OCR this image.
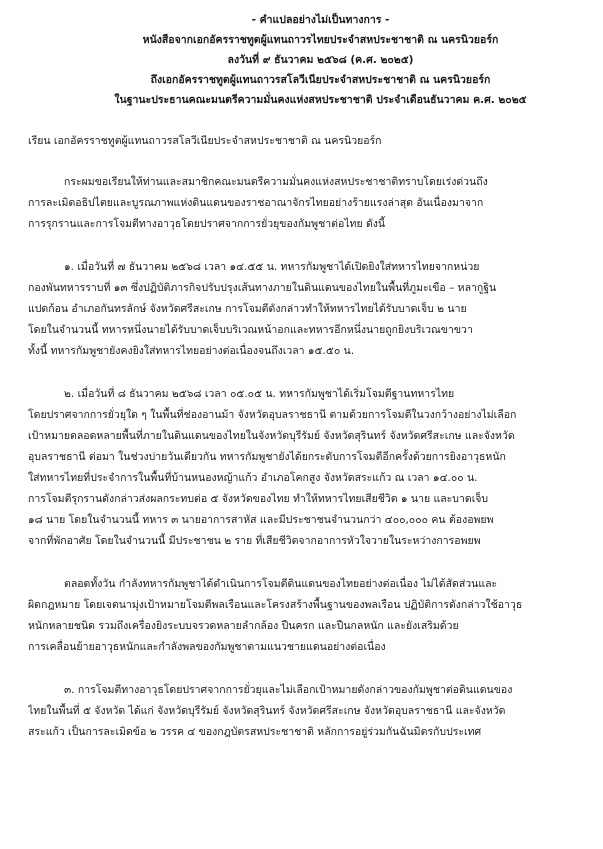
- คำแปลอย่างไม่เป็นทางการ -
หนังสือจากเอกอัครราชทูตผู้แทนถาวรไทยประจำสหประชาชาติ ณ นครนิวยอร์ก
ลงวันที่ ๙ ธันวาคม ๒๕๖๘ (ค.ศ. ๒๐๒๕)
ถึงเอกอัครราชทูตผู้แทนถาวรสโลวีเนียประจำสหประชาชาติ ณ นครนิวยอร์ก
ในฐานะประธานคณะมนตรีความมั่นคงแห่งสหประชาชาติ ประจำเดือนธันวาคม ค.ศ. ๒๐๒๕
เรียน เอกอัครราชทูตผู้แทนถาวรสโลวีเนียประจำสหประชาชาติ ณ นครนิวยอร์ก
กระผมขอเรียนให้ท่านและสมาชิกคณะมนตรีความมั่นคงแห่งสหประชาชาติทราบโดยเร่งด่วนถึง
การละเมิดอธิปไตยและบูรณภาพแห่งดินแดนของราชอาณาจักรไทยอย่างร้ายแรงล่าสุด อันเนื่องมาจาก
การรุกรานและการโจมตีทางอาวุธโดยปราศจากการยั่วยุของกัมพูชาต่อไทย ดังนี้
๑. เมื่อวันที่ ๗ ธันวาคม ๒๕๖๘ เวลา ๑๔.๕๕ น. ทหารกัมพูชาได้เปิดยิงใส่ทหารไทยจากหน่วย
กองพันทหารราบที่ ๑๓ ซึ่งปฏิบัติภารกิจปรับปรุงเส้นทางภายในดินแดนของไทยในพื้นที่ภูมะเขือ – หลากูฐิน
แปดก้อน อำเภอกันทรลักษ์ จังหวัดศรีสะเกษ การโจมตีดังกล่าวทำให้ทหารไทยได้รับบาดเจ็บ ๒ นาย
โดยในจำนวนนี้ ทหารหนึ่งนายได้รับบาดเจ็บบริเวณหน้าอกและทหารอีกหนึ่งนายถูกยิงบริเวณขาขวา
ทั้งนี้ ทหารกัมพูชายังคงยิงใส่ทหารไทยอย่างต่อเนื่องจนถึงเวลา ๑๕.๕๐ น.
๒. เมื่อวันที่ ๘ ธันวาคม ๒๕๖๘ เวลา ๐๕.๐๕ น. ทหารกัมพูชาได้เริ่มโจมตีฐานทหารไทย
โดยปราศจากการยั่วยุใด ๆ ในพื้นที่ช่องอานม้า จังหวัดอุบลราชธานี ตามด้วยการโจมตีในวงกว้างอย่างไม่เลือก
เป้าหมายตลอดหลายพื้นที่ภายในดินแดนของไทยในจังหวัดบุรีรัมย์ จังหวัดสุรินทร์ จังหวัดศรีสะเกษ และจังหวัด
อุบลราชธานี ต่อมา ในช่วงบ่ายวันเดียวกัน ทหารกัมพูชายังได้ยกระดับการโจมตีอีกครั้งด้วยการยิงอาวุธหนัก
ใส่ทหารไทยที่ประจำการในพื้นที่บ้านหนองหญ้าแก้ว อำเภอโคกสูง จังหวัดสระแก้ว ณ เวลา ๑๔.๐๐ น.
การโจมตีรุกรานดังกล่าวส่งผลกระทบต่อ ๕ จังหวัดของไทย ทำให้ทหารไทยเสียชีวิต ๑ นาย และบาดเจ็บ
๑๘ นาย โดยในจำนวนนี้ ทหาร ๓ นายอาการสาหัส และมีประชาชนจำนวนกว่า ๔๐๐,๐๐๐ คน ต้องอพยพ
จากที่พักอาศัย โดยในจำนวนนี้ มีประชาชน ๒ ราย ที่เสียชีวิตจากอาการหัวใจวายในระหว่างการอพยพ
ตลอดทั้งวัน กำลังทหารกัมพูชาได้ดำเนินการโจมตีดินแดนของไทยอย่างต่อเนื่อง ไม่ได้สัดส่วนและ
ผิดกฎหมาย โดยเจตนามุ่งเป้าหมายโจมตีพลเรือนและโครงสร้างพื้นฐานของพลเรือน ปฏิบัติการดังกล่าวใช้อาวุธ
หนักหลายชนิด รวมถึงเครื่องยิงระบบจรวดหลายลำกล้อง ปืนครก และปืนกลหนัก และยังเสริมด้วย
การเคลื่อนย้ายอาวุธหนักและกำลังพลของกัมพูชาตามแนวชายแดนอย่างต่อเนื่อง
๓. การโจมตีทางอาวุธโดยปราศจากการยั่วยุและไม่เลือกเป้าหมายดังกล่าวของกัมพูชาต่อดินแดนของ
ไทยในพื้นที่ ๕ จังหวัด ได้แก่ จังหวัดบุรีรัมย์ จังหวัดสุรินทร์ จังหวัดศรีสะเกษ จังหวัดอุบลราชธานี และจังหวัด
สระแก้ว เป็นการละเมิดข้อ ๒ วรรค ๔ ของกฎบัตรสหประชาชาติ หลักการอยู่ร่วมกันฉันมิตรกับประเทศ
